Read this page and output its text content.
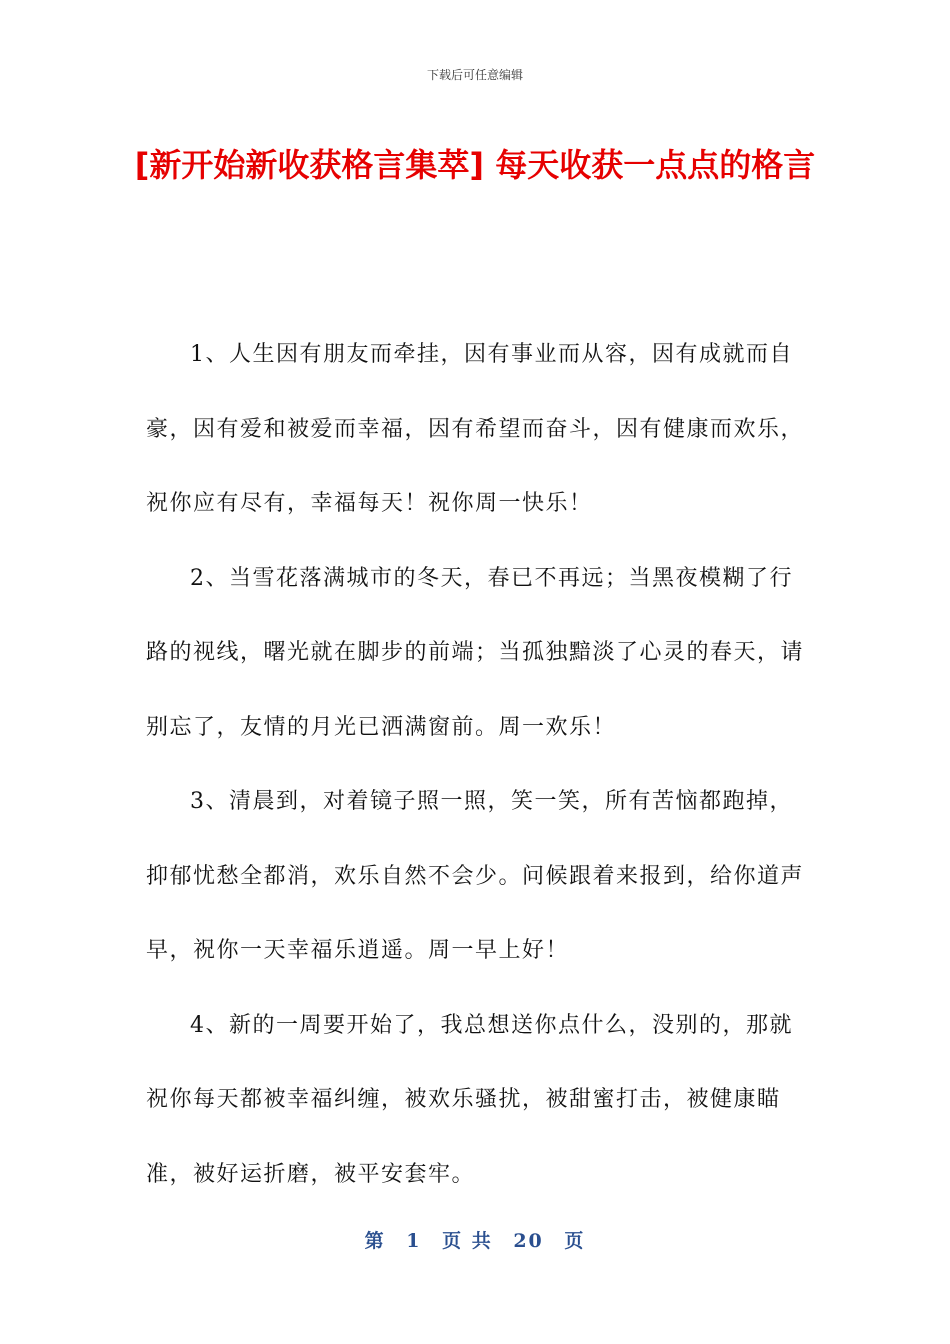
下载后可任意编辑
[新开始新收获格言集萃] 每天收获一点点的格言

1、人生因有朋友而牵挂，因有事业而从容，因有成就而自豪，因有爱和被爱而幸福，因有希望而奋斗，因有健康而欢乐，祝你应有尽有，幸福每天！祝你周一快乐！

2、当雪花落满城市的冬天，春已不再远；当黑夜模糊了行路的视线，曙光就在脚步的前端；当孤独黯淡了心灵的春天，请别忘了，友情的月光已洒满窗前。周一欢乐！

3、清晨到，对着镜子照一照，笑一笑，所有苦恼都跑掉，抑郁忧愁全都消，欢乐自然不会少。问候跟着来报到，给你道声早，祝你一天幸福乐逍遥。周一早上好！

4、新的一周要开始了，我总想送你点什么，没别的，那就祝你每天都被幸福纠缠，被欢乐骚扰，被甜蜜打击，被健康瞄准，被好运折磨，被平安套牢。

第 1 页 共 20 页
